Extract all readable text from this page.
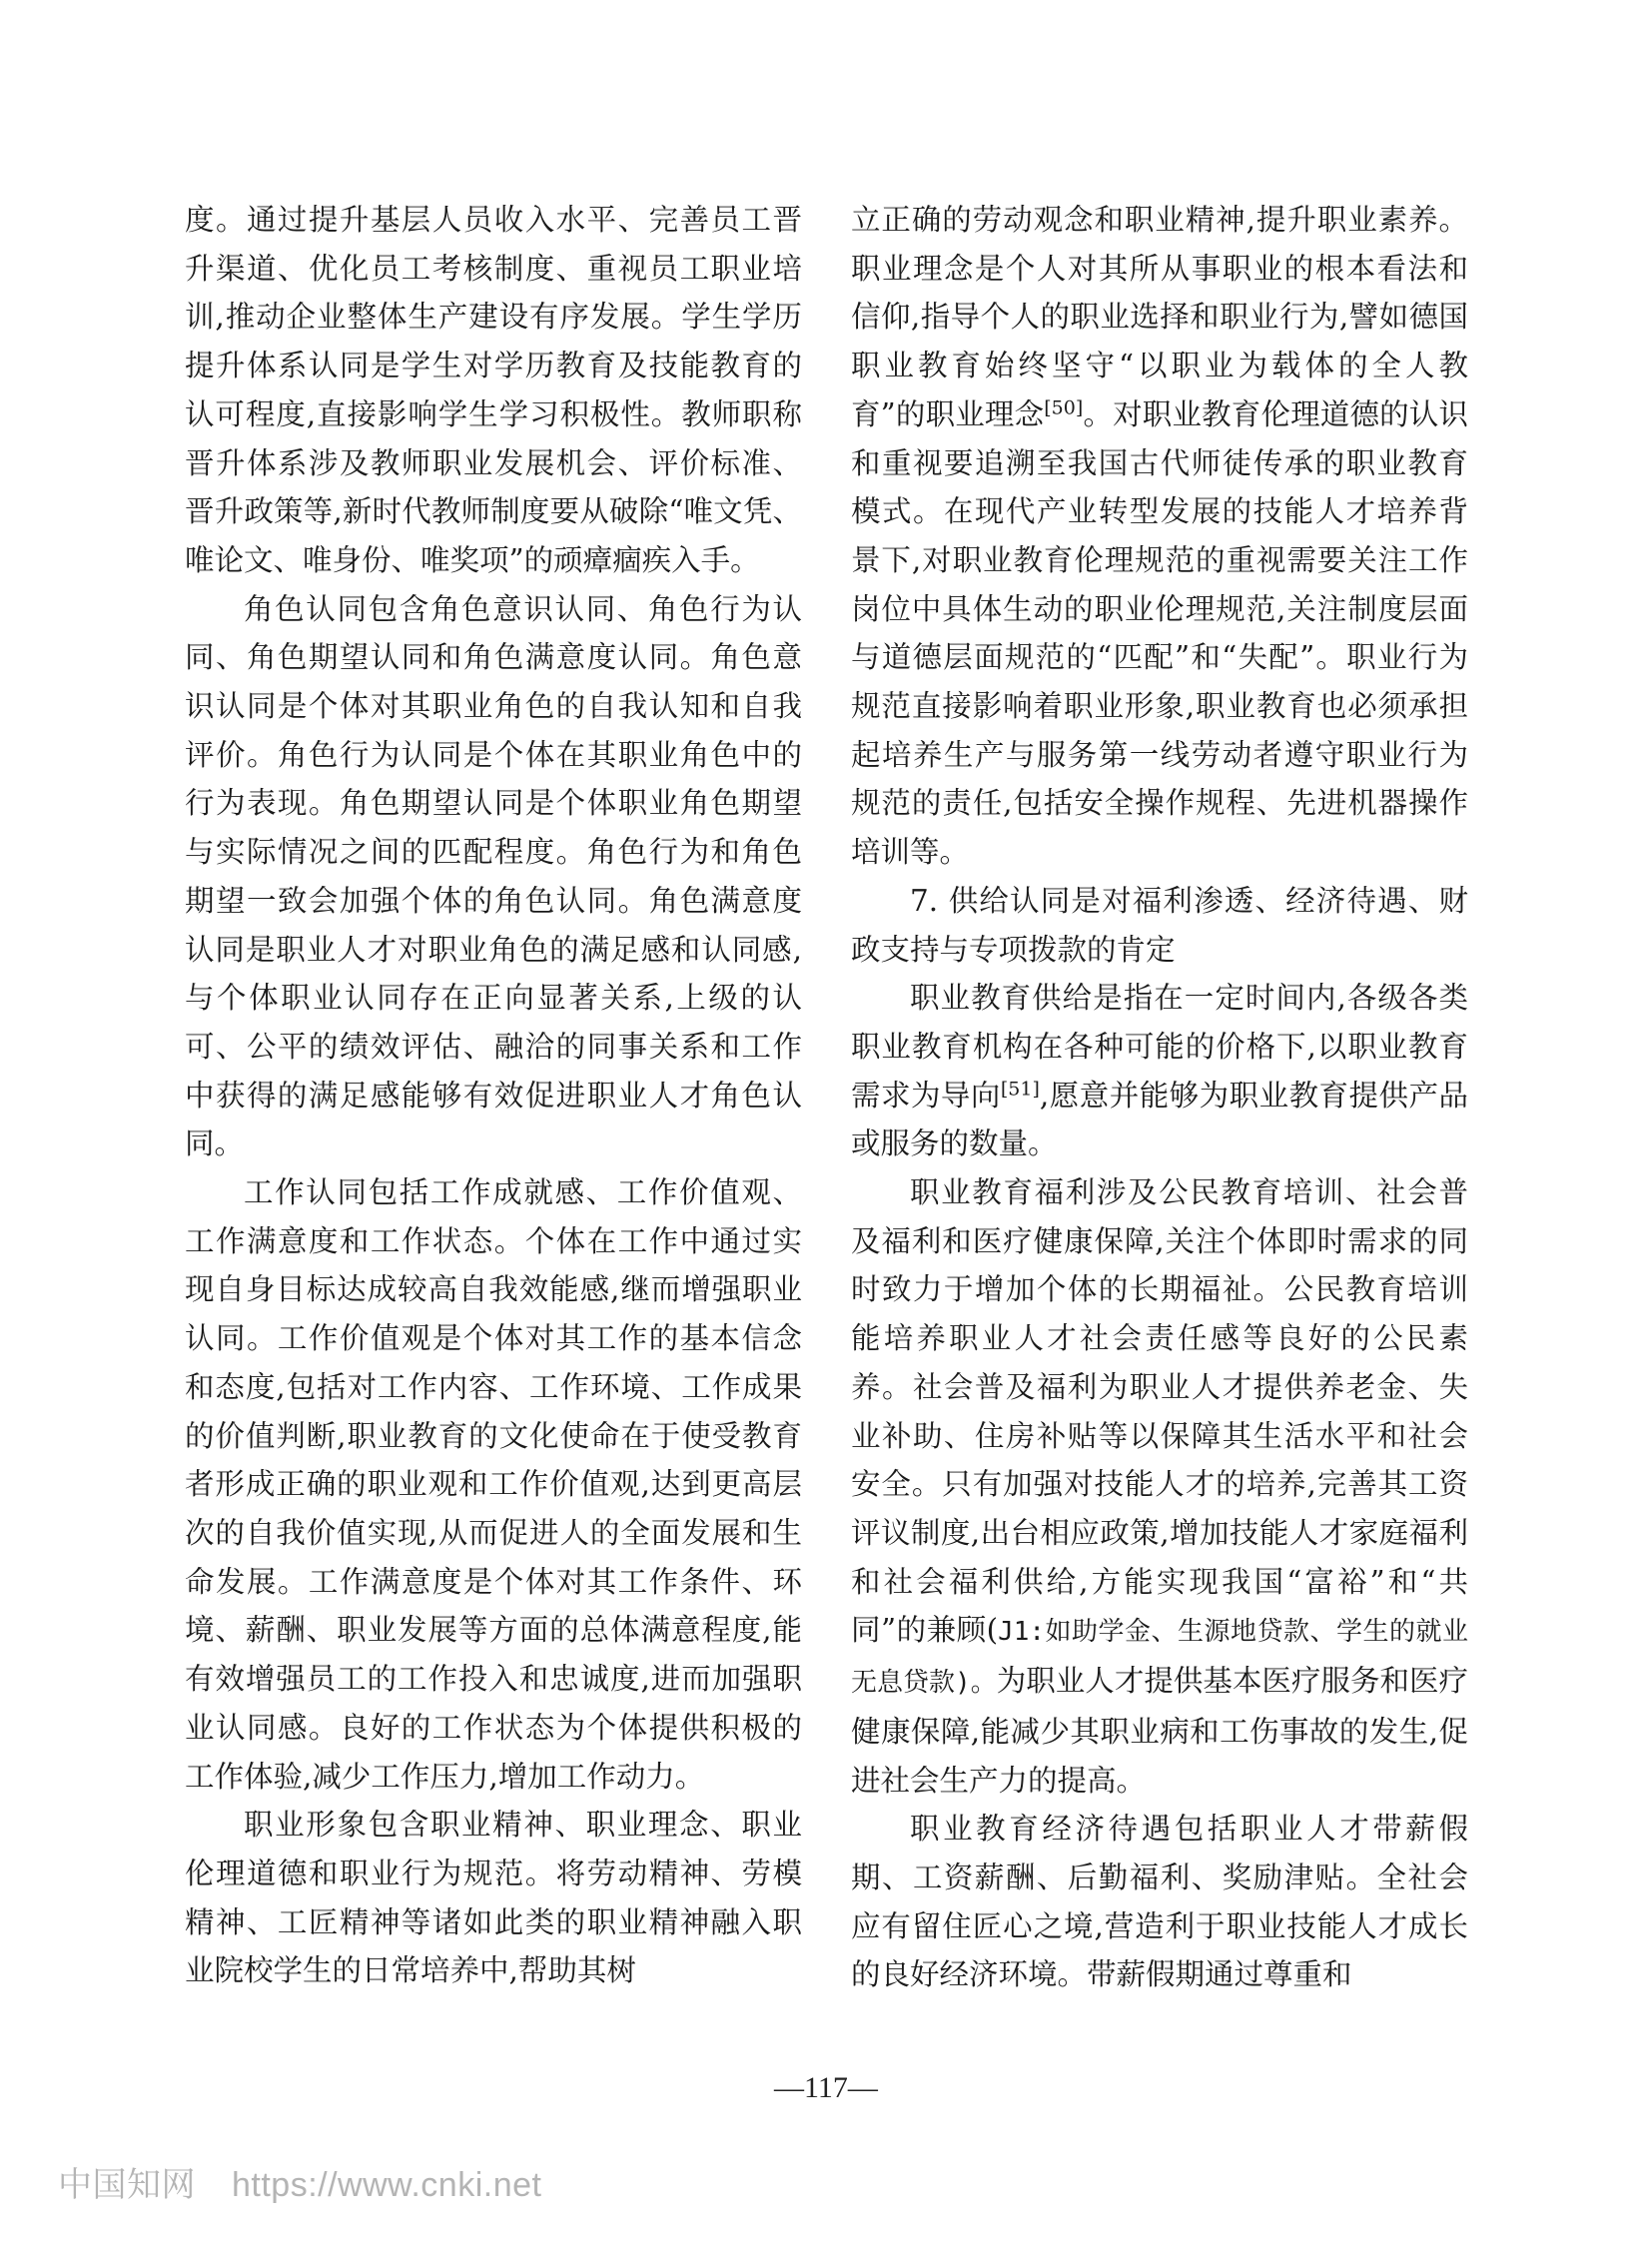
度。通过提升基层人员收入水平、完善员工晋升渠道、优化员工考核制度、重视员工职业培训,推动企业整体生产建设有序发展。学生学历提升体系认同是学生对学历教育及技能教育的认可程度,直接影响学生学习积极性。教师职称晋升体系涉及教师职业发展机会、评价标准、晋升政策等,新时代教师制度要从破除“唯文凭、唯论文、唯身份、唯奖项”的顽瘴痼疾入手。

角色认同包含角色意识认同、角色行为认同、角色期望认同和角色满意度认同。角色意识认同是个体对其职业角色的自我认知和自我评价。角色行为认同是个体在其职业角色中的行为表现。角色期望认同是个体职业角色期望与实际情况之间的匹配程度。角色行为和角色期望一致会加强个体的角色认同。角色满意度认同是职业人才对职业角色的满足感和认同感,与个体职业认同存在正向显著关系,上级的认可、公平的绩效评估、融洽的同事关系和工作中获得的满足感能够有效促进职业人才角色认同。

工作认同包括工作成就感、工作价值观、工作满意度和工作状态。个体在工作中通过实现自身目标达成较高自我效能感,继而增强职业认同。工作价值观是个体对其工作的基本信念和态度,包括对工作内容、工作环境、工作成果的价值判断,职业教育的文化使命在于使受教育者形成正确的职业观和工作价值观,达到更高层次的自我价值实现,从而促进人的全面发展和生命发展。工作满意度是个体对其工作条件、环境、薪酬、职业发展等方面的总体满意程度,能有效增强员工的工作投入和忠诚度,进而加强职业认同感。良好的工作状态为个体提供积极的工作体验,减少工作压力,增加工作动力。

职业形象包含职业精神、职业理念、职业伦理道德和职业行为规范。将劳动精神、劳模精神、工匠精神等诸如此类的职业精神融入职业院校学生的日常培养中,帮助其树

立正确的劳动观念和职业精神,提升职业素养。职业理念是个人对其所从事职业的根本看法和信仰,指导个人的职业选择和职业行为,譬如德国职业教育始终坚守“以职业为载体的全人教育”的职业理念[50]。对职业教育伦理道德的认识和重视要追溯至我国古代师徒传承的职业教育模式。在现代产业转型发展的技能人才培养背景下,对职业教育伦理规范的重视需要关注工作岗位中具体生动的职业伦理规范,关注制度层面与道德层面规范的“匹配”和“失配”。职业行为规范直接影响着职业形象,职业教育也必须承担起培养生产与服务第一线劳动者遵守职业行为规范的责任,包括安全操作规程、先进机器操作培训等。

7. 供给认同是对福利渗透、经济待遇、财政支持与专项拨款的肯定

职业教育供给是指在一定时间内,各级各类职业教育机构在各种可能的价格下,以职业教育需求为导向[51],愿意并能够为职业教育提供产品或服务的数量。

职业教育福利涉及公民教育培训、社会普及福利和医疗健康保障,关注个体即时需求的同时致力于增加个体的长期福祉。公民教育培训能培养职业人才社会责任感等良好的公民素养。社会普及福利为职业人才提供养老金、失业补助、住房补贴等以保障其生活水平和社会安全。只有加强对技能人才的培养,完善其工资评议制度,出台相应政策,增加技能人才家庭福利和社会福利供给,方能实现我国“富裕”和“共同”的兼顾(J1:如助学金、生源地贷款、学生的就业无息贷款)。为职业人才提供基本医疗服务和医疗健康保障,能减少其职业病和工伤事故的发生,促进社会生产力的提高。

职业教育经济待遇包括职业人才带薪假期、工资薪酬、后勤福利、奖励津贴。全社会应有留住匠心之境,营造利于职业技能人才成长的良好经济环境。带薪假期通过尊重和

—117—
中国知网 https://www.cnki.net
